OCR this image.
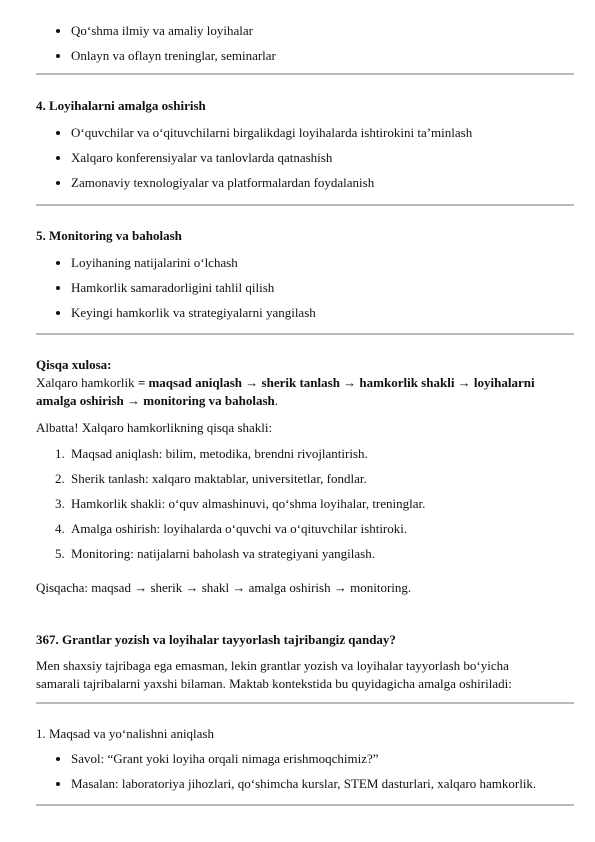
Qo‘shma ilmiy va amaliy loyihalar
Onlayn va oflayn treninglar, seminarlar
4. Loyihalarni amalga oshirish
O‘quvchilar va o‘qituvchilarni birgalikdagi loyihalarda ishtirokini ta’minlash
Xalqaro konferensiyalar va tanlovlarda qatnashish
Zamonaviy texnologiyalar va platformalardan foydalanish
5. Monitoring va baholash
Loyihaning natijalarini o‘lchash
Hamkorlik samaradorligini tahlil qilish
Keyingi hamkorlik va strategiyalarni yangilash
Qisqa xulosa:
Xalqaro hamkorlik = maqsad aniqlash → sherik tanlash → hamkorlik shakli → loyihalarni
amalga oshirish → monitoring va baholash.
Albatta! Xalqaro hamkorlikning qisqa shakli:
1. Maqsad aniqlash: bilim, metodika, brendni rivojlantirish.
2. Sherik tanlash: xalqaro maktablar, universitetlar, fondlar.
3. Hamkorlik shakli: o‘quv almashinuvi, qo‘shma loyihalar, treninglar.
4. Amalga oshirish: loyihalarda o‘quvchi va o‘qituvchilar ishtiroki.
5. Monitoring: natijalarni baholash va strategiyani yangilash.
Qisqacha: maqsad → sherik → shakl → amalga oshirish → monitoring.
367. Grantlar yozish va loyihalar tayyorlash tajribangiz qanday?
Men shaxsiy tajribaga ega emasman, lekin grantlar yozish va loyihalar tayyorlash bo‘yicha
samarali tajribalarni yaxshi bilaman. Maktab kontekstida bu quyidagicha amalga oshiriladi:
1. Maqsad va yo‘nalishni aniqlash
Savol: “Grant yoki loyiha orqali nimaga erishmoqchimiz?”
Masalan: laboratoriya jihozlari, qo‘shimcha kurslar, STEM dasturlari, xalqaro hamkorlik.
